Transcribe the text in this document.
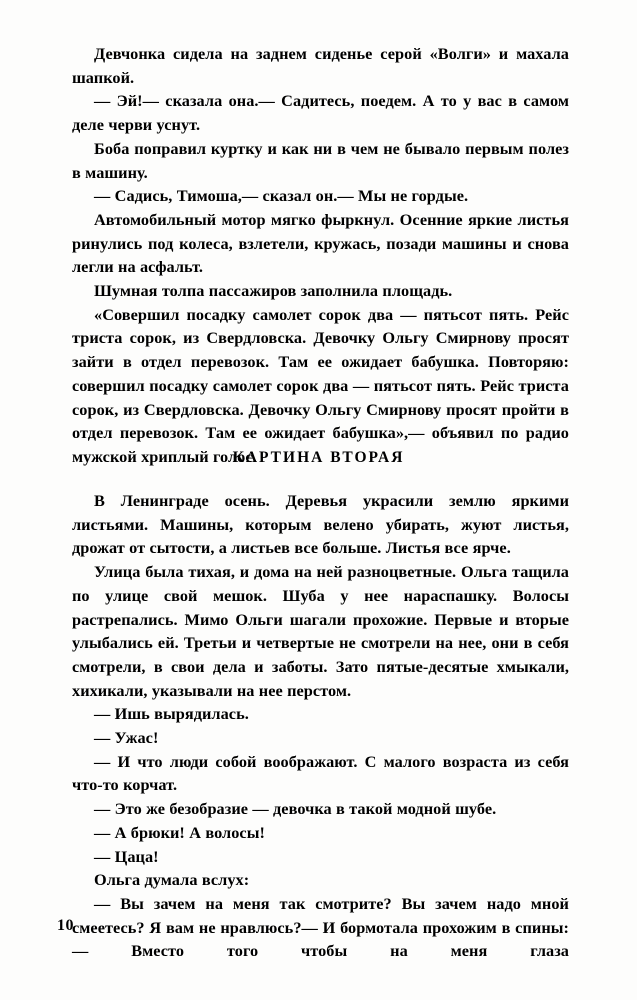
Девчонка сидела на заднем сиденье серой «Волги» и махала шапкой.

— Эй!— сказала она.— Садитесь, поедем. А то у вас в самом деле черви уснут.

Боба поправил куртку и как ни в чем не бывало первым полез в машину.

— Садись, Тимоша,— сказал он.— Мы не гордые.

Автомобильный мотор мягко фыркнул. Осенние яркие листья ринулись под колеса, взлетели, кружась, позади машины и снова легли на асфальт.

Шумная толпа пассажиров заполнила площадь.

«Совершил посадку самолет сорок два — пятьсот пять. Рейс триста сорок, из Свердловска. Девочку Ольгу Смирнову просят зайти в отдел перевозок. Там ее ожидает бабушка. Повторяю: совершил посадку самолет сорок два — пятьсот пять. Рейс триста сорок, из Свердловска. Девочку Ольгу Смирнову просят пройти в отдел перевозок. Там ее ожидает бабушка»,— объявил по радио мужской хриплый голос.

КАРТИНА ВТОРАЯ

В Ленинграде осень. Деревья украсили землю яркими листьями. Машины, которым велено убирать, жуют листья, дрожат от сытости, а листьев все больше. Листья все ярче.

Улица была тихая, и дома на ней разноцветные. Ольга тащила по улице свой мешок. Шуба у нее нараспашку. Волосы растрепались. Мимо Ольги шагали прохожие. Первые и вторые улыбались ей. Третьи и четвертые не смотрели на нее, они в себя смотрели, в свои дела и заботы. Зато пятые-десятые хмыкали, хихикали, указывали на нее перстом.

— Ишь вырядилась.

— Ужас!

— И что люди собой воображают. С малого возраста из себя что-то корчат.

— Это же безобразие — девочка в такой модной шубе.

— А брюки! А волосы!

— Цаца!

Ольга думала вслух:

— Вы зачем на меня так смотрите? Вы зачем надо мной смеетесь? Я вам не нравлюсь?— И бормотала прохожим в спины:— Вместо того чтобы на меня глаза

10
